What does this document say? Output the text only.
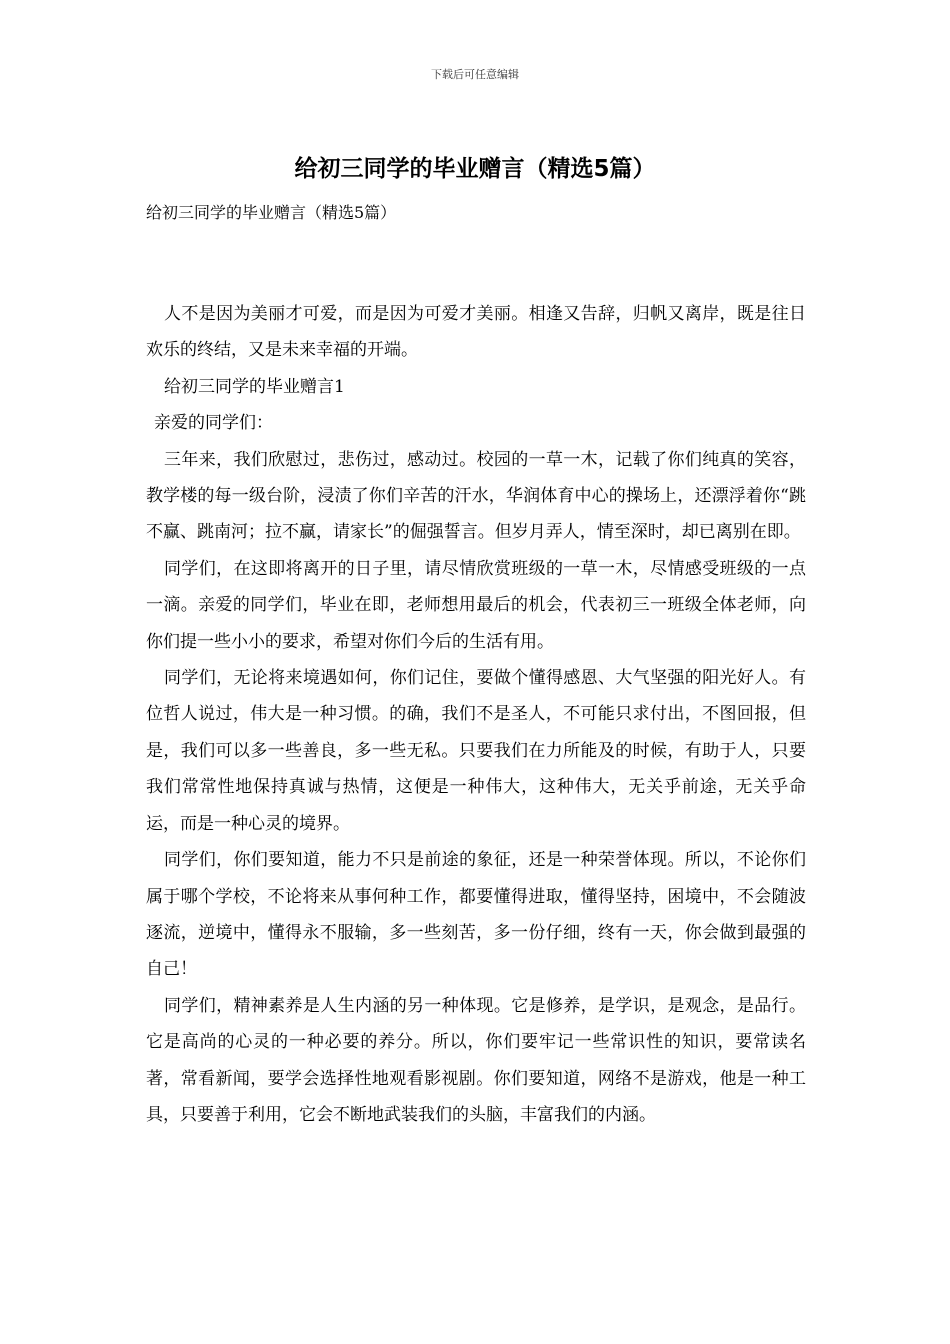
下载后可任意编辑
给初三同学的毕业赠言（精选5篇）
给初三同学的毕业赠言（精选5篇）

人不是因为美丽才可爱，而是因为可爱才美丽。相逢又告辞，归帆又离岸，既是往日欢乐的终结，又是未来幸福的开端。

给初三同学的毕业赠言1

亲爱的同学们：

三年来，我们欣慰过，悲伤过，感动过。校园的一草一木，记载了你们纯真的笑容，教学楼的每一级台阶，浸渍了你们辛苦的汗水，华润体育中心的操场上，还漂浮着你“跳不赢、跳南河；拉不赢，请家长”的倔强誓言。但岁月弄人，情至深时，却已离别在即。

同学们，在这即将离开的日子里，请尽情欣赏班级的一草一木，尽情感受班级的一点一滴。亲爱的同学们，毕业在即，老师想用最后的机会，代表初三一班级全体老师，向你们提一些小小的要求，希望对你们今后的生活有用。

同学们，无论将来境遇如何，你们记住，要做个懂得感恩、大气坚强的阳光好人。有位哲人说过，伟大是一种习惯。的确，我们不是圣人，不可能只求付出，不图回报，但是，我们可以多一些善良，多一些无私。只要我们在力所能及的时候，有助于人，只要我们常常性地保持真诚与热情，这便是一种伟大，这种伟大，无关乎前途，无关乎命运，而是一种心灵的境界。

同学们，你们要知道，能力不只是前途的象征，还是一种荣誉体现。所以，不论你们属于哪个学校，不论将来从事何种工作，都要懂得进取，懂得坚持，困境中，不会随波逐流，逆境中，懂得永不服输，多一些刻苦，多一份仔细，终有一天，你会做到最强的自己！

同学们，精神素养是人生内涵的另一种体现。它是修养，是学识，是观念，是品行。它是高尚的心灵的一种必要的养分。所以，你们要牢记一些常识性的知识，要常读名著，常看新闻，要学会选择性地观看影视剧。你们要知道，网络不是游戏，他是一种工具，只要善于利用，它会不断地武装我们的头脑，丰富我们的内涵。
